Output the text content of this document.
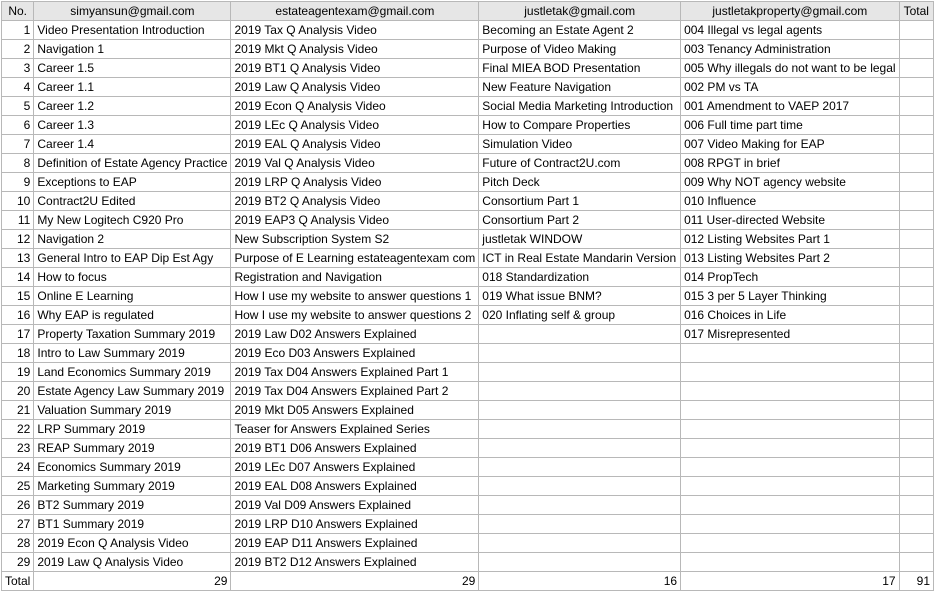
No.	simyansun@gmail.com	estateagentexam@gmail.com	justletak@gmail.com	justletakproperty@gmail.com	Total
1	Video Presentation Introduction	2019 Tax Q Analysis Video	Becoming an Estate Agent 2	004 Illegal vs legal agents	
2	Navigation 1	2019 Mkt Q Analysis Video	Purpose of Video Making	003 Tenancy Administration	
3	Career 1.5	2019 BT1 Q Analysis Video	Final MIEA BOD Presentation	005 Why illegals do not want to be legal	
4	Career 1.1	2019 Law Q Analysis Video	New Feature Navigation	002 PM vs TA	
5	Career 1.2	2019 Econ Q Analysis Video	Social Media Marketing Introduction	001 Amendment to VAEP 2017	
6	Career 1.3	2019 LEc Q Analysis Video	How to Compare Properties	006 Full time part time	
7	Career 1.4	2019 EAL Q Analysis Video	Simulation Video	007 Video Making for EAP	
8	Definition of Estate Agency Practice	2019 Val Q Analysis Video	Future of Contract2U.com	008 RPGT in brief	
9	Exceptions to EAP	2019 LRP Q Analysis Video	Pitch Deck	009 Why NOT agency website	
10	Contract2U Edited	2019 BT2 Q Analysis Video	Consortium Part 1	010 Influence	
11	My New Logitech C920 Pro	2019 EAP3 Q Analysis Video	Consortium Part 2	011 User-directed Website	
12	Navigation 2	New Subscription System S2	justletak WINDOW	012 Listing Websites Part 1	
13	General Intro to EAP Dip Est Agy	Purpose of E Learning estateagentexam com	ICT in Real Estate Mandarin Version	013 Listing Websites Part 2	
14	How to focus	Registration and Navigation	018 Standardization	014 PropTech	
15	Online E Learning	How I use my website to answer questions 1	019 What issue BNM?	015 3 per 5 Layer Thinking	
16	Why EAP is regulated	How I use my website to answer questions 2	020 Inflating self & group	016 Choices in Life	
17	Property Taxation Summary 2019	2019 Law D02 Answers Explained		017 Misrepresented	
18	Intro to Law Summary 2019	2019 Eco D03 Answers Explained			
19	Land Economics Summary 2019	2019 Tax D04 Answers Explained Part 1			
20	Estate Agency Law Summary 2019	2019 Tax D04 Answers Explained Part 2			
21	Valuation Summary 2019	2019 Mkt D05 Answers Explained			
22	LRP Summary 2019	Teaser for Answers Explained Series			
23	REAP Summary 2019	2019 BT1 D06 Answers Explained			
24	Economics Summary 2019	2019 LEc D07 Answers Explained			
25	Marketing Summary 2019	2019 EAL D08 Answers Explained			
26	BT2 Summary 2019	2019 Val D09 Answers Explained			
27	BT1 Summary 2019	2019 LRP D10 Answers Explained			
28	2019 Econ Q Analysis Video	2019 EAP D11 Answers Explained			
29	2019 Law Q Analysis Video	2019 BT2 D12 Answers Explained			
Total	29	29	16	17	91
